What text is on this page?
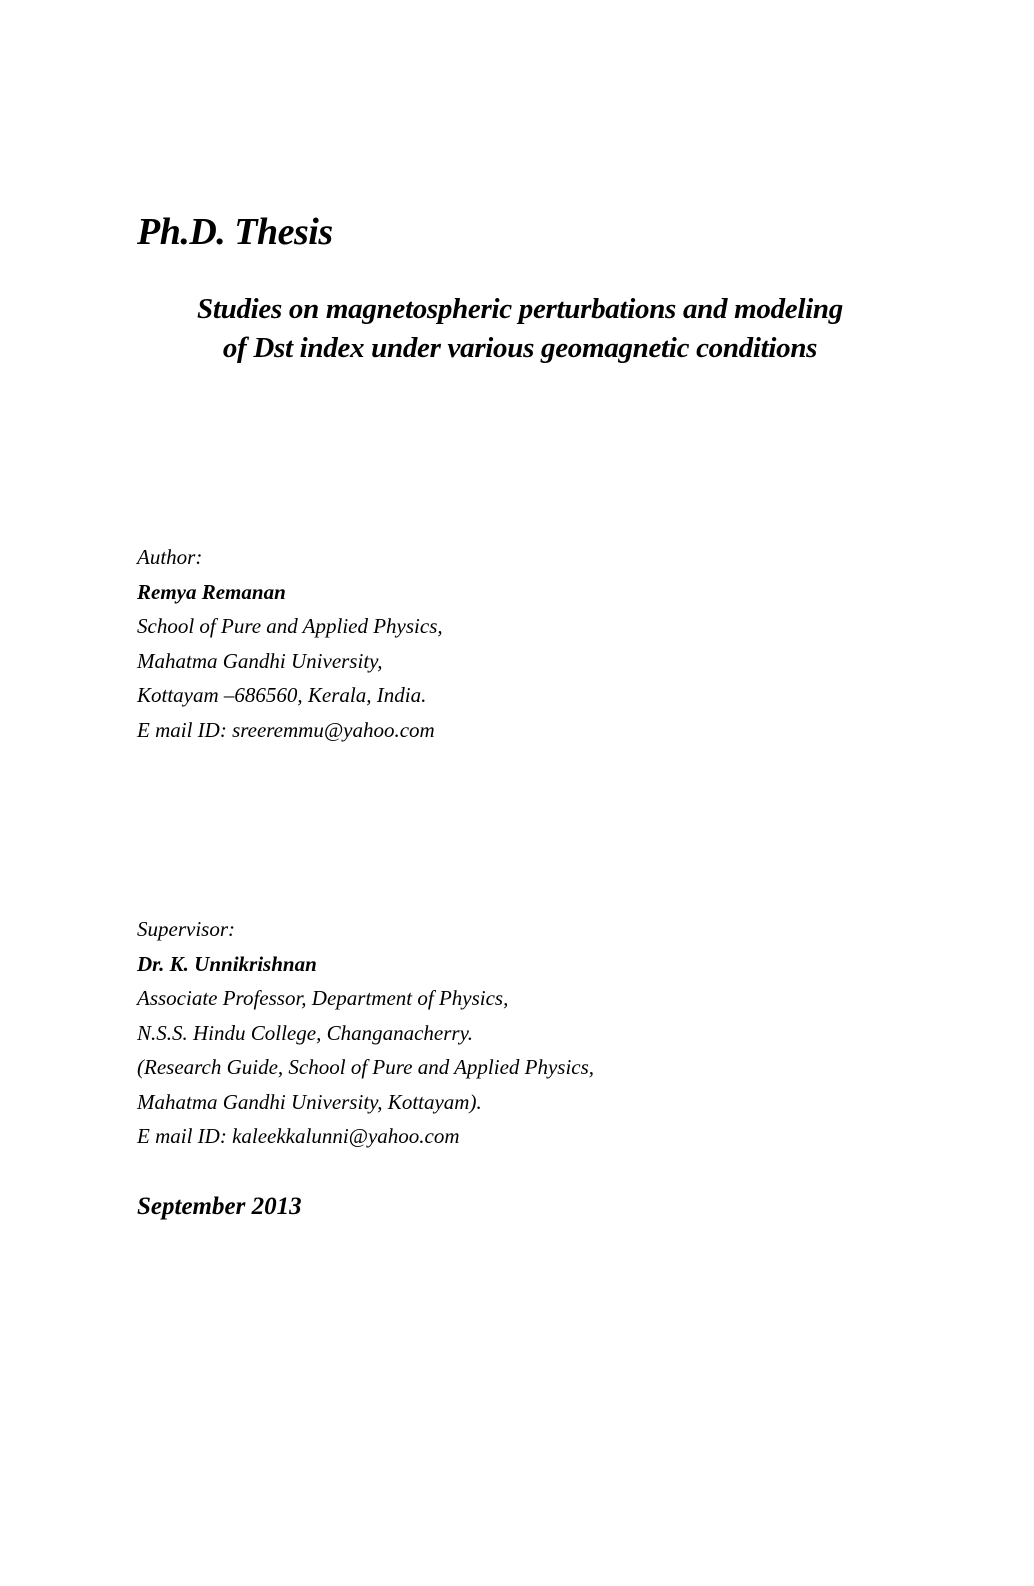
Ph.D. Thesis
Studies on magnetospheric perturbations and modeling
of Dst index under various geomagnetic conditions
Author:
Remya Remanan
School of Pure and Applied Physics,
Mahatma Gandhi University,
Kottayam –686560, Kerala, India.
E mail ID: sreeremmu@yahoo.com
Supervisor:
Dr. K. Unnikrishnan
Associate Professor, Department of Physics,
N.S.S. Hindu College, Changanacherry.
(Research Guide, School of Pure and Applied Physics,
Mahatma Gandhi University, Kottayam).
E mail ID: kaleekkalunni@yahoo.com

September 2013
